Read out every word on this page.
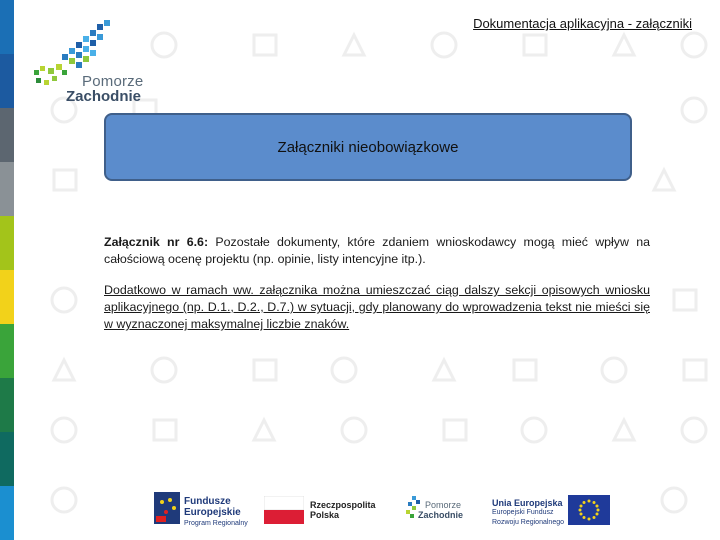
Dokumentacja aplikacyjna - załączniki
Pomorze
Zachodnie
Załączniki nieobowiązkowe

Załącznik nr 6.6: Pozostałe dokumenty, które zdaniem wnioskodawcy mogą mieć wpływ na całościową ocenę projektu (np. opinie, listy intencyjne itp.).

Dodatkowo w ramach ww. załącznika można umieszczać ciąg dalszy sekcji opisowych wniosku aplikacyjnego (np. D.1., D.2., D.7.) w sytuacji, gdy planowany do wprowadzenia tekst nie mieści się w wyznaczonej maksymalnej liczbie znaków.

Fundusze
Europejskie
Program Regionalny
Rzeczpospolita
Polska
Pomorze
Zachodnie
Unia Europejska
Europejski Fundusz
Rozwoju Regionalnego
